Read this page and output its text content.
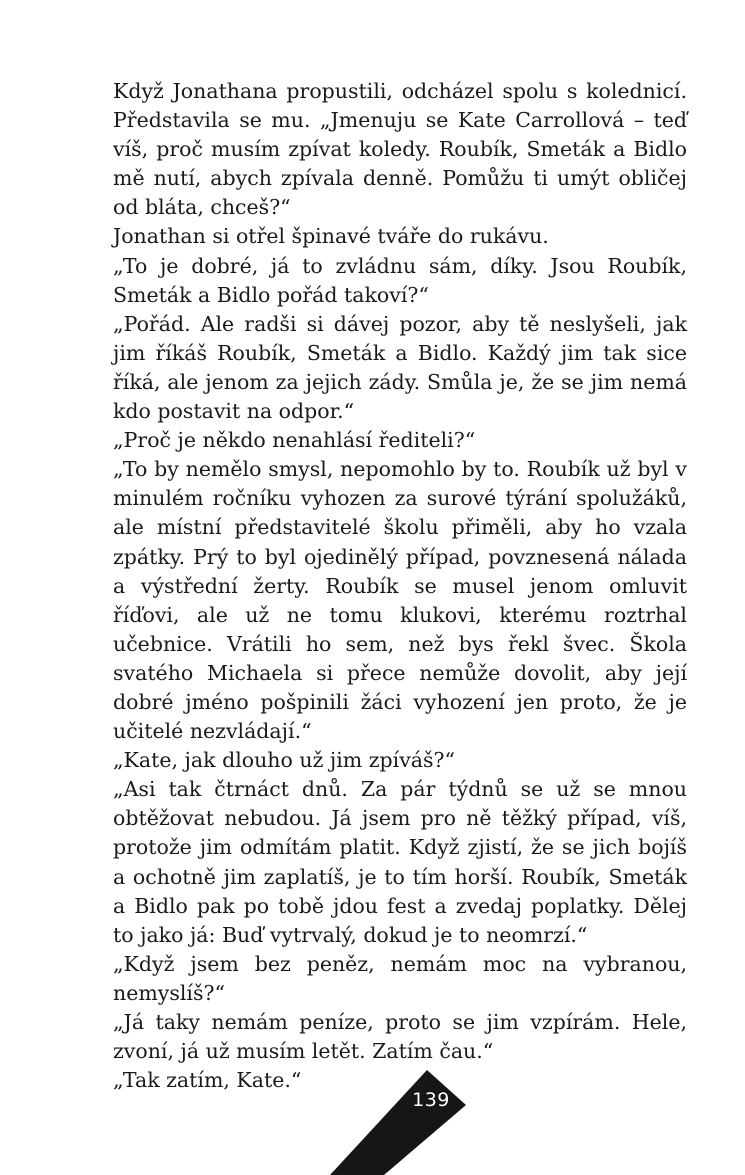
Když Jonathana propustili, odcházel spolu s kolednicí. Představila se mu. „Jmenuju se Kate Carrollová – teď víš, proč musím zpívat koledy. Roubík, Smeták a Bidlo mě nutí, abych zpívala denně. Pomůžu ti umýt obličej od bláta, chceš?“

Jonathan si otřel špinavé tváře do rukávu.

„To je dobré, já to zvládnu sám, díky. Jsou Roubík, Smeták a Bidlo pořád takoví?“

„Pořád. Ale radši si dávej pozor, aby tě neslyšeli, jak jim říkáš Roubík, Smeták a Bidlo. Každý jim tak sice říká, ale jenom za jejich zády. Smůla je, že se jim nemá kdo postavit na odpor.“

„Proč je někdo nenahlásí řediteli?“

„To by nemělo smysl, nepomohlo by to. Roubík už byl v minulém ročníku vyhozen za surové týrání spolužáků, ale místní představitelé školu přiměli, aby ho vzala zpátky. Prý to byl ojedinělý případ, povznesená nálada a výstřední žerty. Roubík se musel jenom omluvit říďovi, ale už ne tomu klukovi, kterému roztrhal učebnice. Vrátili ho sem, než bys řekl švec. Škola svatého Michaela si přece nemůže dovolit, aby její dobré jméno pošpinili žáci vyhození jen proto, že je učitelé nezvládají.“

„Kate, jak dlouho už jim zpíváš?“

„Asi tak čtrnáct dnů. Za pár týdnů se už se mnou obtěžovat nebudou. Já jsem pro ně těžký případ, víš, protože jim odmítám platit. Když zjistí, že se jich bojíš a ochotně jim zaplatíš, je to tím horší. Roubík, Smeták a Bidlo pak po tobě jdou fest a zvedaj poplatky. Dělej to jako já: Buď vytrvalý, dokud je to neomrzí.“

„Když jsem bez peněz, nemám moc na vybranou, nemyslíš?“

„Já taky nemám peníze, proto se jim vzpírám. Hele, zvoní, já už musím letět. Zatím čau.“

„Tak zatím, Kate.“

139
